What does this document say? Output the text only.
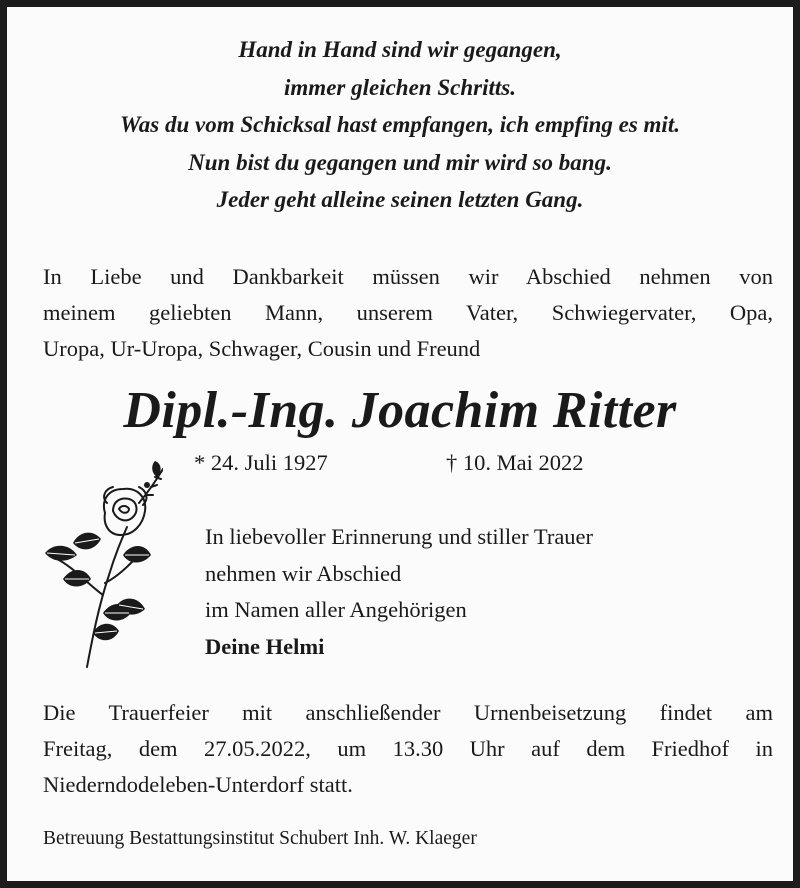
Hand in Hand sind wir gegangen,
immer gleichen Schritts.
Was du vom Schicksal hast empfangen, ich empfing es mit.
Nun bist du gegangen und mir wird so bang.
Jeder geht alleine seinen letzten Gang.
In Liebe und Dankbarkeit müssen wir Abschied nehmen von
meinem geliebten Mann, unserem Vater, Schwiegervater, Opa,
Uropa, Ur-Uropa, Schwager, Cousin und Freund
Dipl.-Ing. Joachim Ritter
* 24. Juli 1927	† 10. Mai 2022
In liebevoller Erinnerung und stiller Trauer
nehmen wir Abschied
im Namen aller Angehörigen
Deine Helmi
Die Trauerfeier mit anschließender Urnenbeisetzung findet am
Freitag, dem 27.05.2022, um 13.30 Uhr auf dem Friedhof in
Niederndodeleben-Unterdorf statt.
Betreuung Bestattungsinstitut Schubert Inh. W. Klaeger
